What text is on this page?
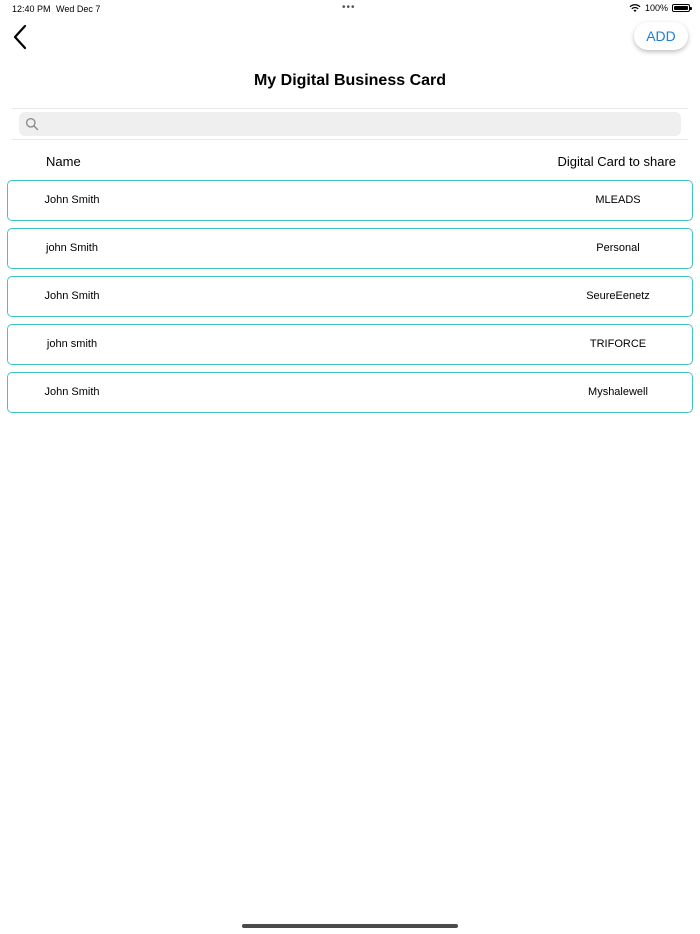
12:40 PM Wed Dec 7	•••	100%
ADD
My Digital Business Card
Name	Digital Card to share
John Smith	MLEADS
john Smith	Personal
John Smith	SeureEenetz
john smith	TRIFORCE
John Smith	Myshalewell
